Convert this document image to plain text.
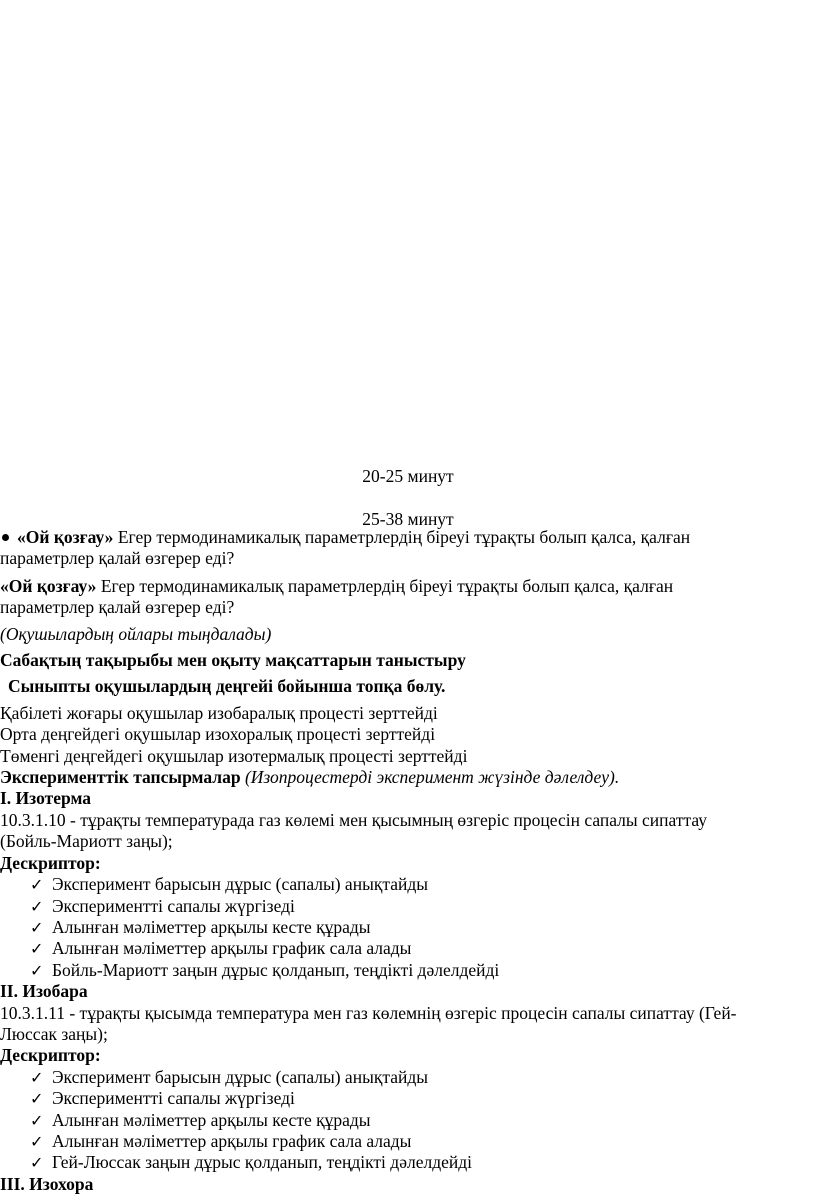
20-25 минут
25-38 минут

«Ой қозғау» Егер термодинамикалық параметрлердің біреуі тұрақты болып қалса, қалған

параметрлер қалай өзгерер еді?

«Ой қозғау» Егер термодинамикалық параметрлердің біреуі тұрақты болып қалса, қалған

параметрлер қалай өзгерер еді?

(Оқушылардың ойлары тыңдалады)

Сабақтың тақырыбы мен оқыту мақсаттарын таныстыру

Сыныпты оқушылардың деңгейі бойынша топқа бөлу.

Қабілеті жоғары оқушылар изобаралық процесті зерттейді

Орта деңгейдегі оқушылар изохоралық процесті зерттейді

Төменгі деңгейдегі оқушылар изотермалық процесті зерттейді

Эксперименттік тапсырмалар (Изопроцестерді эксперимент жүзінде дәлелдеу).

I. Изотерма

10.3.1.10 - тұрақты температурада газ көлемі мен қысымның өзгеріс процесін сапалы сипаттау

(Бойль-Мариотт заңы);

Дескриптор:

✓ Эксперимент барысын дұрыс (сапалы) анықтайды
✓ Экспериментті сапалы жүргізеді
✓ Алынған мәліметтер арқылы кесте құрады
✓ Алынған мәліметтер арқылы график сала алады
✓ Бойль-Мариотт заңын дұрыс қолданып, теңдікті дәлелдейді

II. Изобара

10.3.1.11 - тұрақты қысымда температура мен газ көлемнің өзгеріс процесін сапалы сипаттау (Гей-

Люссак заңы);

Дескриптор:

✓ Эксперимент барысын дұрыс (сапалы) анықтайды
✓ Экспериментті сапалы жүргізеді
✓ Алынған мәліметтер арқылы кесте құрады
✓ Алынған мәліметтер арқылы график сала алады
✓ Гей-Люссак заңын дұрыс қолданып, теңдікті дәлелдейді

III. Изохора
